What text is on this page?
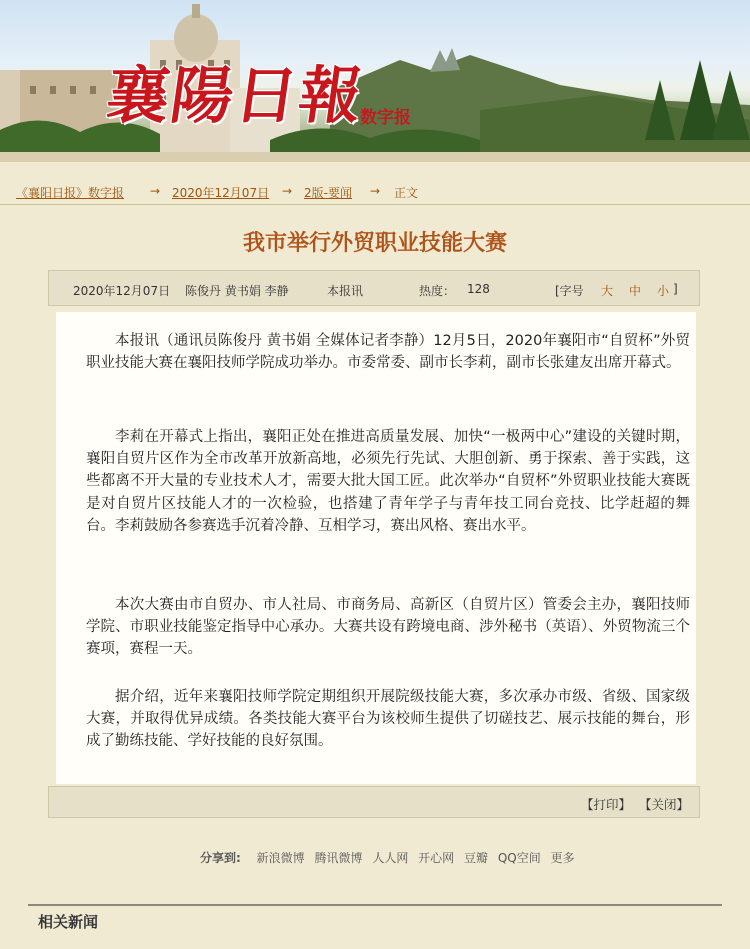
襄陽日報
数字报
《襄阳日报》数字报 → 2020年12月07日 → 2版-要闻 → 正文
我市举行外贸职业技能大赛
2020年12月07日 陈俊丹 黄书娟 李静	本报讯	热度： 128	[字号 大 中 小 ]

本报讯（通讯员陈俊丹 黄书娟 全媒体记者李静）12月5日，2020年襄阳市“自贸杯”外贸职业技能大赛在襄阳技师学院成功举办。市委常委、副市长李莉，副市长张建友出席开幕式。

李莉在开幕式上指出，襄阳正处在推进高质量发展、加快“一极两中心”建设的关键时期，襄阳自贸片区作为全市改革开放新高地，必须先行先试、大胆创新、勇于探索、善于实践，这些都离不开大量的专业技术人才，需要大批大国工匠。此次举办“自贸杯”外贸职业技能大赛既是对自贸片区技能人才的一次检验，也搭建了青年学子与青年技工同台竞技、比学赶超的舞台。李莉鼓励各参赛选手沉着冷静、互相学习，赛出风格、赛出水平。

本次大赛由市自贸办、市人社局、市商务局、高新区（自贸片区）管委会主办，襄阳技师学院、市职业技能鉴定指导中心承办。大赛共设有跨境电商、涉外秘书（英语）、外贸物流三个赛项，赛程一天。

据介绍，近年来襄阳技师学院定期组织开展院级技能大赛，多次承办市级、省级、国家级大赛，并取得优异成绩。各类技能大赛平台为该校师生提供了切磋技艺、展示技能的舞台，形成了勤练技能、学好技能的良好氛围。

【打印】 【关闭】
分享到: 新浪微博 腾讯微博 人人网 开心网 豆瓣 QQ空间 更多
相关新闻
